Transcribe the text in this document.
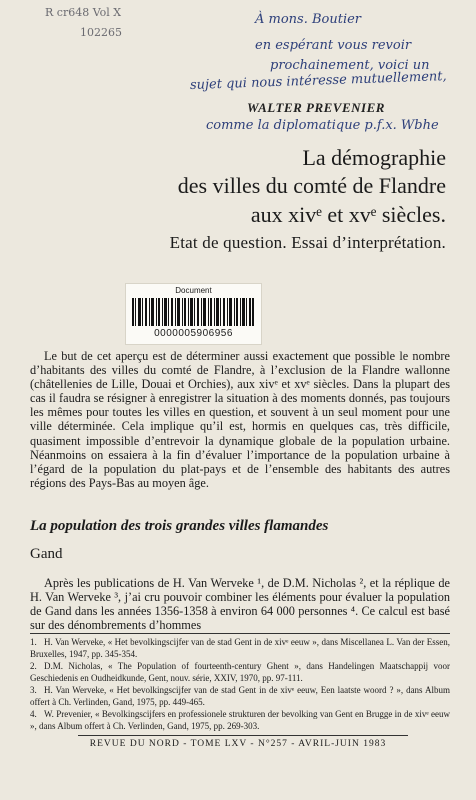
R cr648 Vol X
102265
À mons. Boutier
en espérant vous revoir
prochainement, voici un
sujet qui nous intéresse mutuellement,
comme la diplomatique p.f.x. Wbhe
WALTER PREVENIER
La démographie
des villes du comté de Flandre
aux xivᵉ et xvᵉ siècles.
Etat de question. Essai d’interprétation.
Document
0000005906956
Le but de cet aperçu est de déterminer aussi exactement que possible le nombre d’habitants des villes du comté de Flandre, à l’exclusion de la Flandre wallonne (châtellenies de Lille, Douai et Orchies), aux xivᵉ et xvᵉ siècles. Dans la plupart des cas il faudra se résigner à enregistrer la situation à des moments donnés, pas toujours les mêmes pour toutes les villes en question, et souvent à un seul moment pour une ville déterminée. Cela implique qu’il est, hormis en quelques cas, très difficile, quasiment impossible d’entrevoir la dynamique globale de la population urbaine. Néanmoins on essaiera à la fin d’évaluer l’importance de la population urbaine à l’égard de la population du plat-pays et de l’ensemble des habitants des autres régions des Pays-Bas au moyen âge.
La population des trois grandes villes flamandes
Gand
Après les publications de H. Van Werveke ¹, de D.M. Nicholas ², et la réplique de H. Van Werveke ³, j’ai cru pouvoir combiner les éléments pour évaluer la population de Gand dans les années 1356-1358 à environ 64 000 personnes ⁴. Ce calcul est basé sur des dénombrements d’hommes
1. H. Van Werveke, « Het bevolkingscijfer van de stad Gent in de xivᵉ eeuw », dans Miscellanea L. Van der Essen, Bruxelles, 1947, pp. 345-354.
2. D.M. Nicholas, « The Population of fourteenth-century Ghent », dans Handelingen Maatschappij voor Geschiedenis en Oudheidkunde, Gent, nouv. série, XXIV, 1970, pp. 97-111.
3. H. Van Werveke, « Het bevolkingscijfer van de stad Gent in de xivᵉ eeuw, Een laatste woord ? », dans Album offert à Ch. Verlinden, Gand, 1975, pp. 449-465.
4. W. Prevenier, « Bevolkingscijfers en professionele strukturen der bevolking van Gent en Brugge in de xivᵉ eeuw », dans Album offert à Ch. Verlinden, Gand, 1975, pp. 269-303.
REVUE DU NORD - TOME LXV - N°257 - AVRIL-JUIN 1983
